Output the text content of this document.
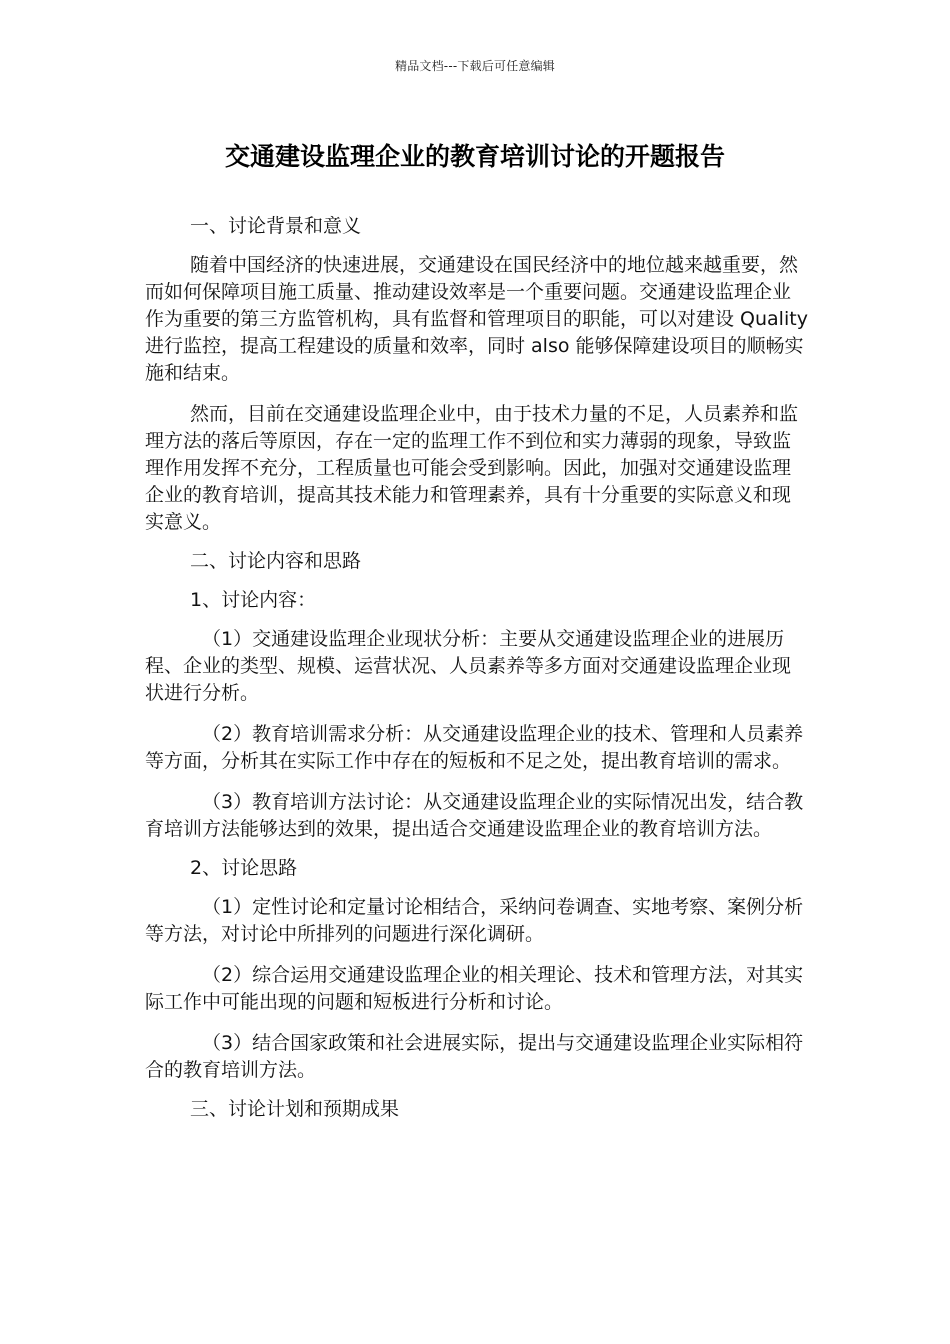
精品文档---下载后可任意编辑
交通建设监理企业的教育培训讨论的开题报告

一、讨论背景和意义

随着中国经济的快速进展，交通建设在国民经济中的地位越来越重要，然而如何保障项目施工质量、推动建设效率是一个重要问题。交通建设监理企业作为重要的第三方监管机构，具有监督和管理项目的职能，可以对建设 Quality 进行监控，提高工程建设的质量和效率，同时 also 能够保障建设项目的顺畅实施和结束。

然而，目前在交通建设监理企业中，由于技术力量的不足，人员素养和监理方法的落后等原因，存在一定的监理工作不到位和实力薄弱的现象，导致监理作用发挥不充分，工程质量也可能会受到影响。因此，加强对交通建设监理企业的教育培训，提高其技术能力和管理素养，具有十分重要的实际意义和现实意义。

二、讨论内容和思路

1、讨论内容：

（1）交通建设监理企业现状分析：主要从交通建设监理企业的进展历程、企业的类型、规模、运营状况、人员素养等多方面对交通建设监理企业现状进行分析。

（2）教育培训需求分析：从交通建设监理企业的技术、管理和人员素养等方面，分析其在实际工作中存在的短板和不足之处，提出教育培训的需求。

（3）教育培训方法讨论：从交通建设监理企业的实际情况出发，结合教育培训方法能够达到的效果，提出适合交通建设监理企业的教育培训方法。

2、讨论思路

（1）定性讨论和定量讨论相结合，采纳问卷调查、实地考察、案例分析等方法，对讨论中所排列的问题进行深化调研。

（2）综合运用交通建设监理企业的相关理论、技术和管理方法，对其实际工作中可能出现的问题和短板进行分析和讨论。

（3）结合国家政策和社会进展实际，提出与交通建设监理企业实际相符合的教育培训方法。

三、讨论计划和预期成果
